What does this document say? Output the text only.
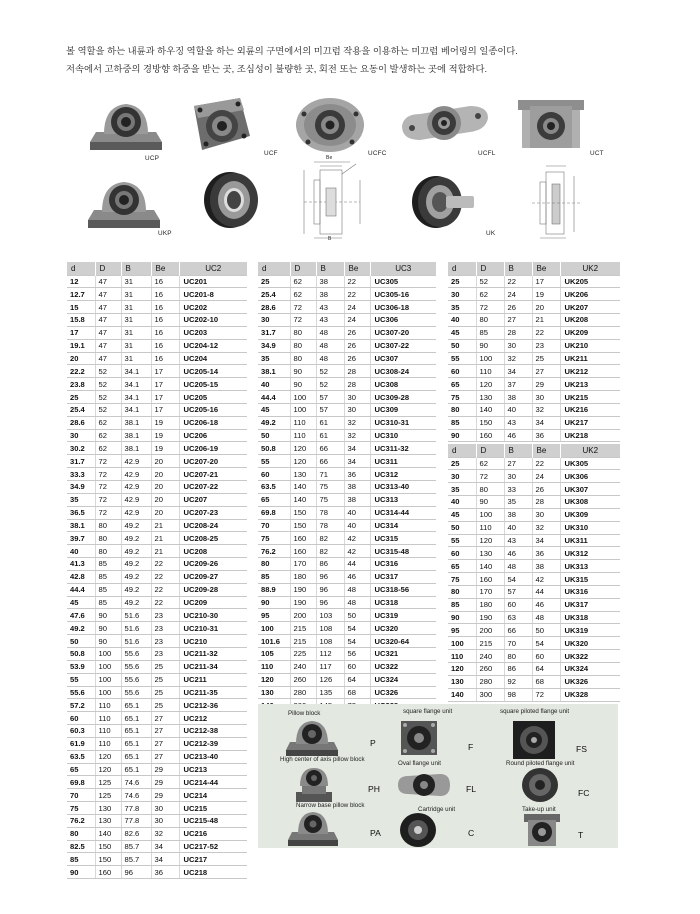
볼 역할을 하는 내륜과 하우징 역할을 하는 외륜의 구면에서의 미끄럼 작용을 이용하는 미끄럼 베어링의 일종이다.
저속에서 고하중의 경방향 하중을 받는 곳, 조심성이 불량한 곳, 회전 또는 요동이 발생하는 곳에 적합하다.
UCP
UCF	UCFC	UCFL	UCT
UKP
Be
B
UK
d	D	B	Be	UC2
12	47	31	16	UC201
12.7	47	31	16	UC201-8
15	47	31	16	UC202
15.8	47	31	16	UC202-10
17	47	31	16	UC203
19.1	47	31	16	UC204-12
20	47	31	16	UC204
22.2	52	34.1	17	UC205-14
23.8	52	34.1	17	UC205-15
25	52	34.1	17	UC205
25.4	52	34.1	17	UC205-16
28.6	62	38.1	19	UC206-18
30	62	38.1	19	UC206
30.2	62	38.1	19	UC206-19
31.7	72	42.9	20	UC207-20
33.3	72	42.9	20	UC207-21
34.9	72	42.9	20	UC207-22
35	72	42.9	20	UC207
36.5	72	42.9	20	UC207-23
38.1	80	49.2	21	UC208-24
39.7	80	49.2	21	UC208-25
40	80	49.2	21	UC208
41.3	85	49.2	22	UC209-26
42.8	85	49.2	22	UC209-27
44.4	85	49.2	22	UC209-28
45	85	49.2	22	UC209
47.6	90	51.6	23	UC210-30
49.2	90	51.6	23	UC210-31
50	90	51.6	23	UC210
50.8	100	55.6	23	UC211-32
53.9	100	55.6	25	UC211-34
55	100	55.6	25	UC211
55.6	100	55.6	25	UC211-35
57.2	110	65.1	25	UC212-36
60	110	65.1	27	UC212
60.3	110	65.1	27	UC212-38
61.9	110	65.1	27	UC212-39
63.5	120	65.1	27	UC213-40
65	120	65.1	29	UC213
69.8	125	74.6	29	UC214-44
70	125	74.6	29	UC214
75	130	77.8	30	UC215
76.2	130	77.8	30	UC215-48
80	140	82.6	32	UC216
82.5	150	85.7	34	UC217-52
85	150	85.7	34	UC217
90	160	96	36	UC218
d	D	B	Be	UC3
25	62	38	22	UC305
25.4	62	38	22	UC305-16
28.6	72	43	24	UC306-18
30	72	43	24	UC306
31.7	80	48	26	UC307-20
34.9	80	48	26	UC307-22
35	80	48	26	UC307
38.1	90	52	28	UC308-24
40	90	52	28	UC308
44.4	100	57	30	UC309-28
45	100	57	30	UC309
49.2	110	61	32	UC310-31
50	110	61	32	UC310
50.8	120	66	34	UC311-32
55	120	66	34	UC311
60	130	71	36	UC312
63.5	140	75	38	UC313-40
65	140	75	38	UC313
69.8	150	78	40	UC314-44
70	150	78	40	UC314
75	160	82	42	UC315
76.2	160	82	42	UC315-48
80	170	86	44	UC316
85	180	96	46	UC317
88.9	190	96	48	UC318-56
90	190	96	48	UC318
95	200	103	50	UC319
100	215	108	54	UC320
101.6	215	108	54	UC320-64
105	225	112	56	UC321
110	240	117	60	UC322
120	260	126	64	UC324
130	280	135	68	UC326

d	D	B	Be	UK2
25	52	22	17	UK205
30	62	24	19	UK206
35	72	26	20	UK207
40	80	27	21	UK208
45	85	28	22	UK209
50	90	30	23	UK210
55	100	32	25	UK211
60	110	34	27	UK212
65	120	37	29	UK213
75	130	38	30	UK215
80	140	40	32	UK216
85	150	43	34	UK217
90	160	46	36	UK218
d	D	B	Be	UK2
25	62	27	22	UK305
30	72	30	24	UK306
35	80	33	26	UK307
40	90	35	28	UK308
45	100	38	30	UK309
50	110	40	32	UK310
55	120	43	34	UK311
60	130	46	36	UK312
65	140	48	38	UK313
75	160	54	42	UK315
80	170	57	44	UK316
85	180	60	46	UK317
90	190	63	48	UK318
95	200	66	50	UK319
100	215	70	54	UK320
110	240	80	60	UK322
120	260	86	64	UK324
130	280	92	68	UK326
140	300	98	72	UK328
Pillow block	square flange unit	square piloted flange unit
P	F	FS
High center of axis pillow block
Oval flange unit	Round piloted flange unit
PH	FL	FC
Narrow base pillow block
Cartridge unit	Take-up unit
PA	C	T
